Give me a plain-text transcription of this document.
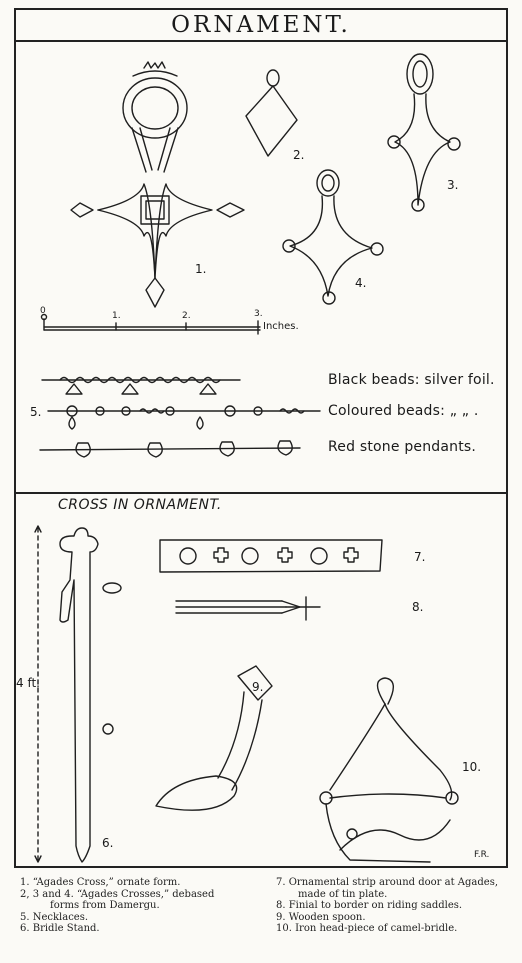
ORNAMENT.
1.
2.
3.
4.
5.
6.
7.
8.
9.
10.
0	1.	2.	3.
Inches.
4 ft.
Black beads: silver foil.
Coloured beads: „ „ .
Red stone pendants.
CROSS IN ORNAMENT.
F.R.
1. “Agades Cross,” ornate form.
2, 3 and 4. “Agades Crosses,” debased
forms from Damergu.
5. Necklaces.
6. Bridle Stand.
7. Ornamental strip around door at Agades,
made of tin plate.
8. Finial to border on riding saddles.
9. Wooden spoon.
10. Iron head-piece of camel-bridle.
